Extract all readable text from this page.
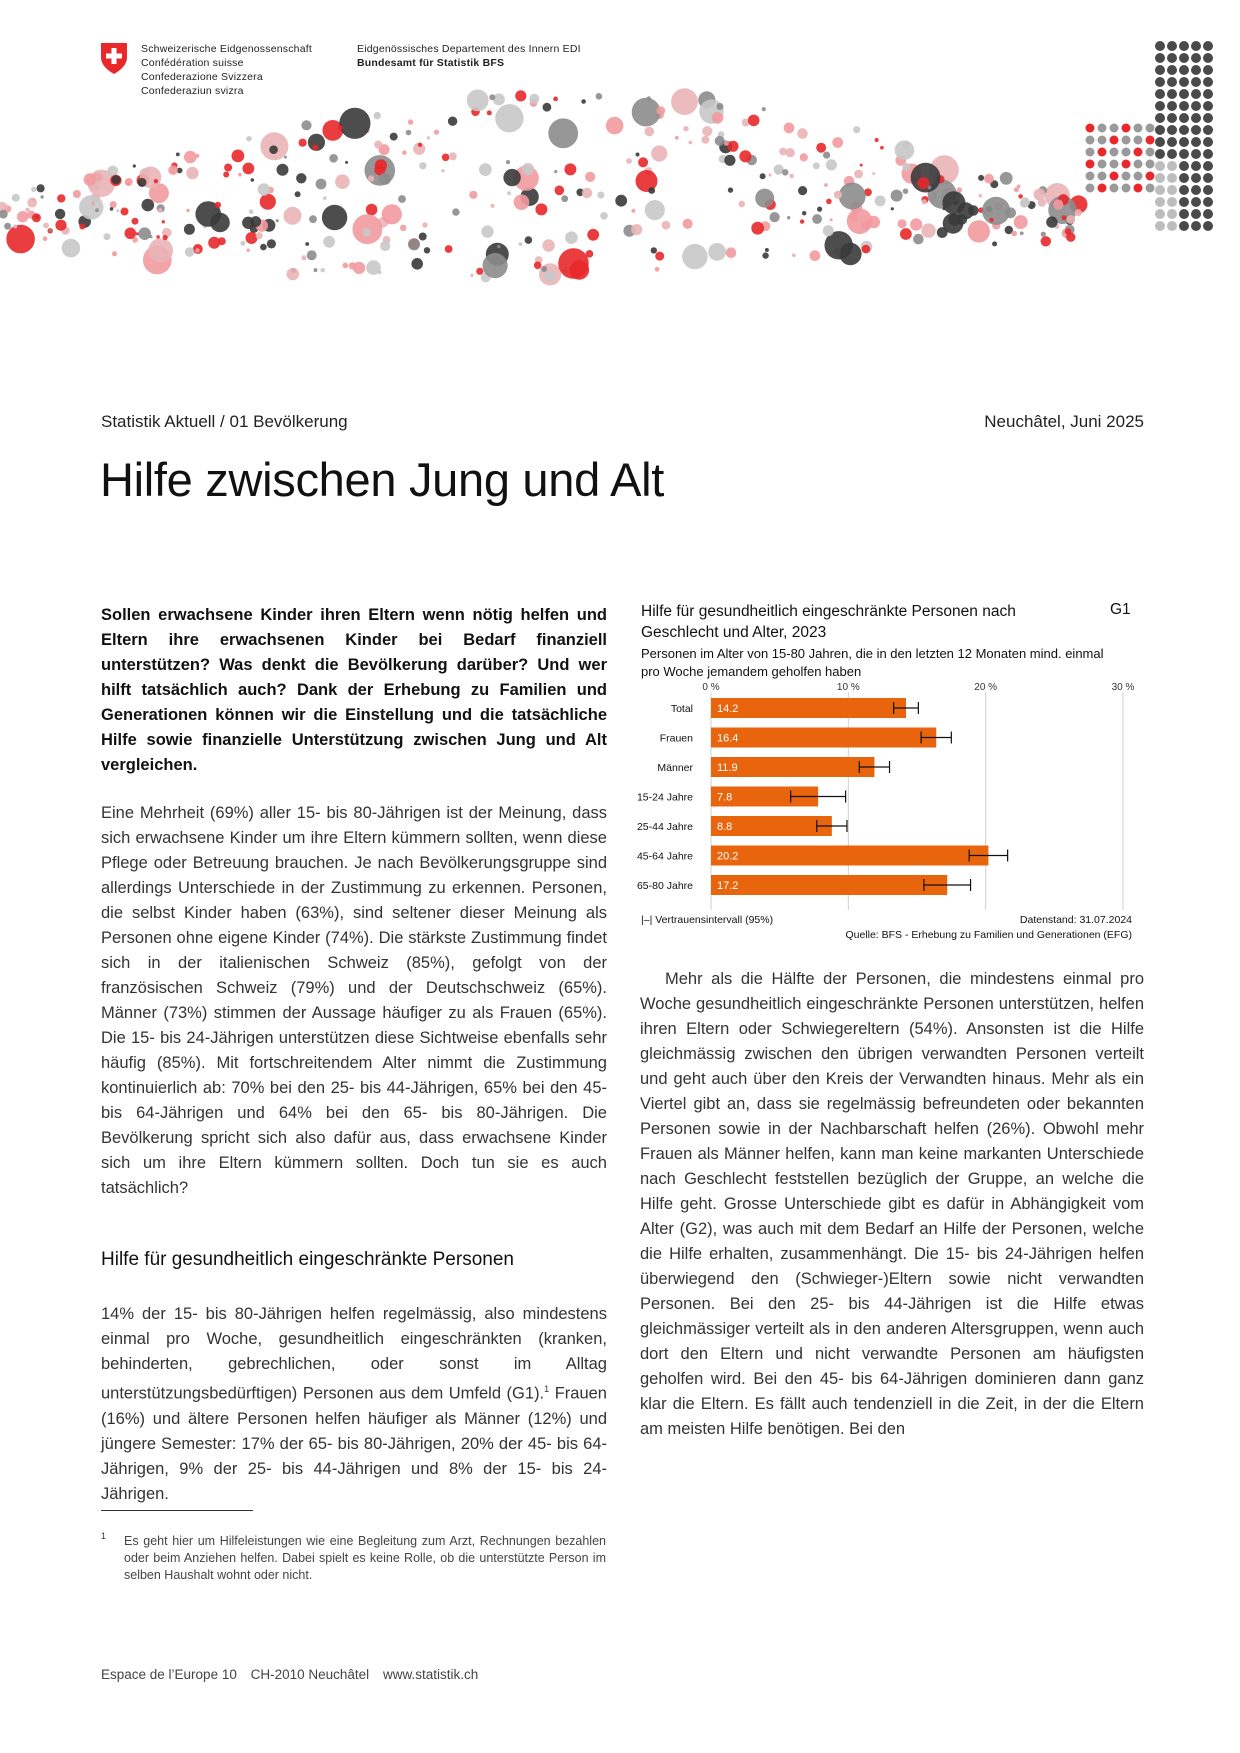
Schweizerische Eidgenossenschaft
Confédération suisse
Confederazione Svizzera
Confederaziun svizra
Eidgenössisches Departement des Innern EDI
Bundesamt für Statistik BFS
Statistik Aktuell / 01 Bevölkerung	Neuchâtel, Juni 2025
Hilfe zwischen Jung und Alt

Sollen erwachsene Kinder ihren Eltern wenn nötig helfen und Eltern ihre erwachsenen Kinder bei Bedarf finanziell unterstützen? Was denkt die Bevölkerung darüber? Und wer hilft tatsächlich auch? Dank der Erhebung zu Familien und Generationen können wir die Einstellung und die tatsächliche Hilfe sowie finanzielle Unterstützung zwischen Jung und Alt vergleichen.

Eine Mehrheit (69%) aller 15- bis 80-Jährigen ist der Meinung, dass sich erwachsene Kinder um ihre Eltern kümmern sollten, wenn diese Pflege oder Betreuung brauchen. Je nach Bevölkerungsgruppe sind allerdings Unterschiede in der Zustimmung zu erkennen. Personen, die selbst Kinder haben (63%), sind seltener dieser Meinung als Personen ohne eigene Kinder (74%). Die stärkste Zustimmung findet sich in der italienischen Schweiz (85%), gefolgt von der französischen Schweiz (79%) und der Deutschschweiz (65%). Männer (73%) stimmen der Aussage häufiger zu als Frauen (65%). Die 15- bis 24-Jährigen unterstützen diese Sichtweise ebenfalls sehr häufig (85%). Mit fortschreitendem Alter nimmt die Zustimmung kontinuierlich ab: 70% bei den 25- bis 44-Jährigen, 65% bei den 45- bis 64-Jährigen und 64% bei den 65- bis 80-Jährigen. Die Bevölkerung spricht sich also dafür aus, dass erwachsene Kinder sich um ihre Eltern kümmern sollten. Doch tun sie es auch tatsächlich?

Hilfe für gesundheitlich eingeschränkte Personen

14% der 15- bis 80-Jährigen helfen regelmässig, also mindestens einmal pro Woche, gesundheitlich eingeschränkten (kranken, behinderten, gebrechlichen, oder sonst im Alltag unterstützungsbedürftigen) Personen aus dem Umfeld (G1).$^1$ Frauen (16%) und ältere Personen helfen häufiger als Männer (12%) und jüngere Semester: 17% der 65- bis 80-Jährigen, 20% der 45- bis 64-Jährigen, 9% der 25- bis 44-Jährigen und 8% der 15- bis 24-Jährigen.

Hilfe für gesundheitlich eingeschränkte Personen nach Geschlecht und Alter, 2023
G1
Personen im Alter von 15-80 Jahren, die in den letzten 12 Monaten mind. einmal pro Woche jemandem geholfen haben
0 %	10 %	20 %	30 %
Total 14.2
Frauen 16.4
Männer 11.9
15-24 Jahre 7.8
25-44 Jahre 8.8
45-64 Jahre 20.2
65-80 Jahre 17.2
|–| Vertrauensintervall (95%)	Datenstand: 31.07.2024
Quelle: BFS - Erhebung zu Familien und Generationen (EFG)

Mehr als die Hälfte der Personen, die mindestens einmal pro Woche gesundheitlich eingeschränkte Personen unterstützen, helfen ihren Eltern oder Schwiegereltern (54%). Ansonsten ist die Hilfe gleichmässig zwischen den übrigen verwandten Personen verteilt und geht auch über den Kreis der Verwandten hinaus. Mehr als ein Viertel gibt an, dass sie regelmässig befreundeten oder bekannten Personen sowie in der Nachbarschaft helfen (26%). Obwohl mehr Frauen als Männer helfen, kann man keine markanten Unterschiede nach Geschlecht feststellen bezüglich der Gruppe, an welche die Hilfe geht. Grosse Unterschiede gibt es dafür in Abhängigkeit vom Alter (G2), was auch mit dem Bedarf an Hilfe der Personen, welche die Hilfe erhalten, zusammenhängt. Die 15- bis 24-Jährigen helfen überwiegend den (Schwieger-)Eltern sowie nicht verwandten Personen. Bei den 25- bis 44-Jährigen ist die Hilfe etwas gleichmässiger verteilt als in den anderen Altersgruppen, wenn auch dort den Eltern und nicht verwandte Personen am häufigsten geholfen wird. Bei den 45- bis 64-Jährigen dominieren dann ganz klar die Eltern. Es fällt auch tendenziell in die Zeit, in der die Eltern am meisten Hilfe benötigen. Bei den

1 Es geht hier um Hilfeleistungen wie eine Begleitung zum Arzt, Rechnungen bezahlen oder beim Anziehen helfen. Dabei spielt es keine Rolle, ob die unterstützte Person im selben Haushalt wohnt oder nicht.
Espace de l’Europe 10 CH-2010 Neuchâtel www.statistik.ch
